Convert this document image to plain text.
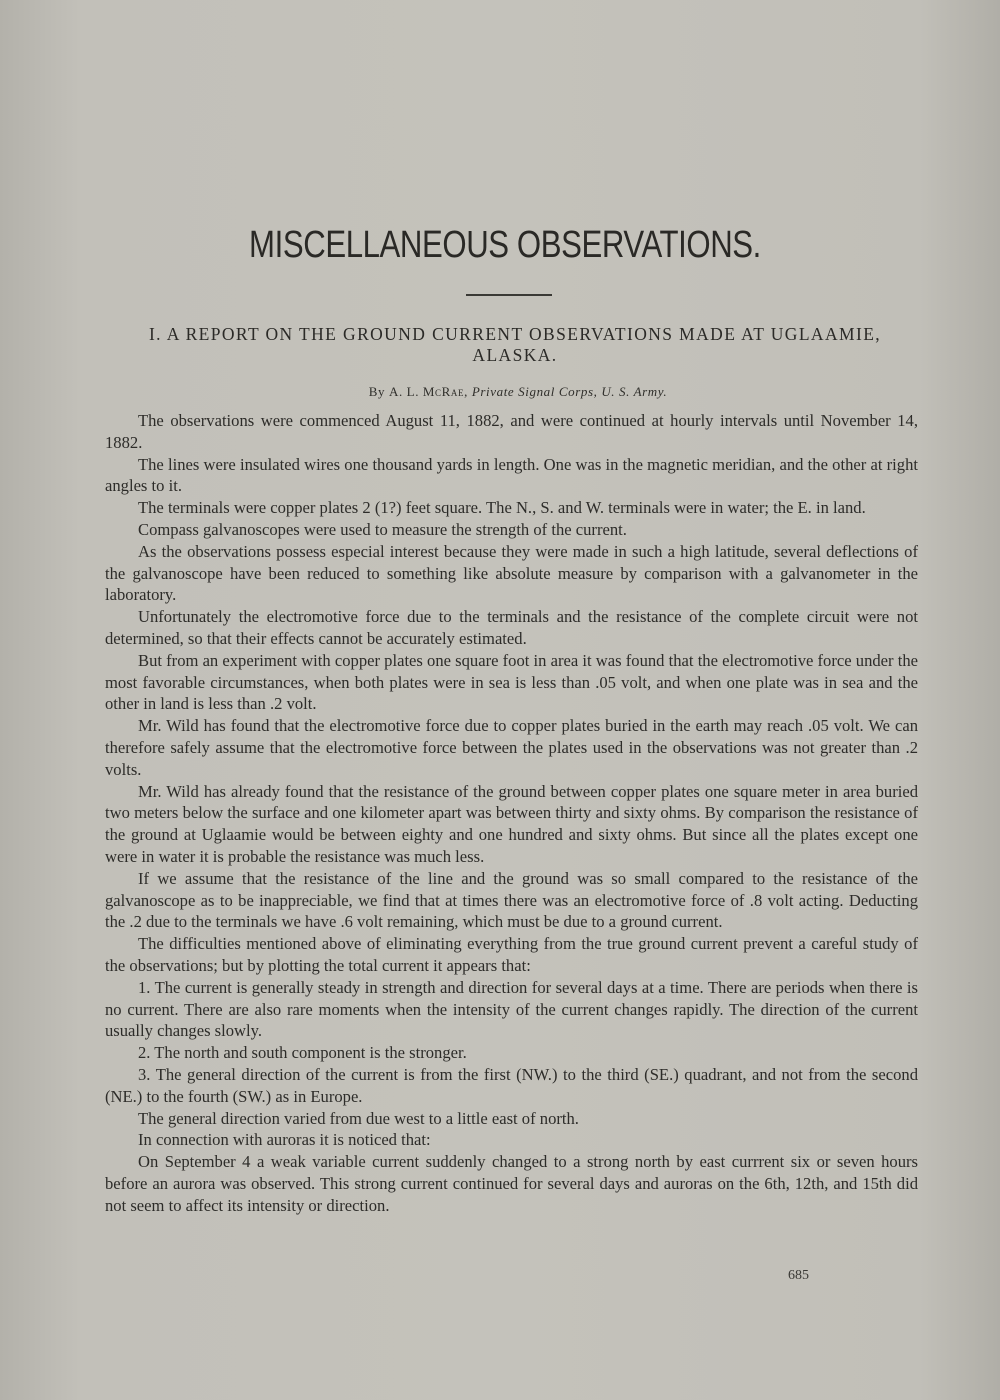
MISCELLANEOUS OBSERVATIONS.
I. A REPORT ON THE GROUND CURRENT OBSERVATIONS MADE AT UGLAAMIE, ALASKA.
By A. L. McRae, Private Signal Corps, U. S. Army.

The observations were commenced August 11, 1882, and were continued at hourly intervals until November 14, 1882.

The lines were insulated wires one thousand yards in length. One was in the magnetic meridian, and the other at right angles to it.

The terminals were copper plates 2 (1?) feet square. The N., S. and W. terminals were in water; the E. in land.

Compass galvanoscopes were used to measure the strength of the current.

As the observations possess especial interest because they were made in such a high latitude, several deflections of the galvanoscope have been reduced to something like absolute measure by comparison with a galvanometer in the laboratory.

Unfortunately the electromotive force due to the terminals and the resistance of the complete circuit were not determined, so that their effects cannot be accurately estimated.

But from an experiment with copper plates one square foot in area it was found that the electromotive force under the most favorable circumstances, when both plates were in sea is less than .05 volt, and when one plate was in sea and the other in land is less than .2 volt.

Mr. Wild has found that the electromotive force due to copper plates buried in the earth may reach .05 volt. We can therefore safely assume that the electromotive force between the plates used in the observations was not greater than .2 volts.

Mr. Wild has already found that the resistance of the ground between copper plates one square meter in area buried two meters below the surface and one kilometer apart was between thirty and sixty ohms. By comparison the resistance of the ground at Uglaamie would be between eighty and one hundred and sixty ohms. But since all the plates except one were in water it is probable the resistance was much less.

If we assume that the resistance of the line and the ground was so small compared to the resistance of the galvanoscope as to be inappreciable, we find that at times there was an electromotive force of .8 volt acting. Deducting the .2 due to the terminals we have .6 volt remaining, which must be due to a ground current.

The difficulties mentioned above of eliminating everything from the true ground current prevent a careful study of the observations; but by plotting the total current it appears that:

1. The current is generally steady in strength and direction for several days at a time. There are periods when there is no current. There are also rare moments when the intensity of the current changes rapidly. The direction of the current usually changes slowly.

2. The north and south component is the stronger.

3. The general direction of the current is from the first (NW.) to the third (SE.) quadrant, and not from the second (NE.) to the fourth (SW.) as in Europe.

The general direction varied from due west to a little east of north.

In connection with auroras it is noticed that:

On September 4 a weak variable current suddenly changed to a strong north by east currrent six or seven hours before an aurora was observed. This strong current continued for several days and auroras on the 6th, 12th, and 15th did not seem to affect its intensity or direction.

685
